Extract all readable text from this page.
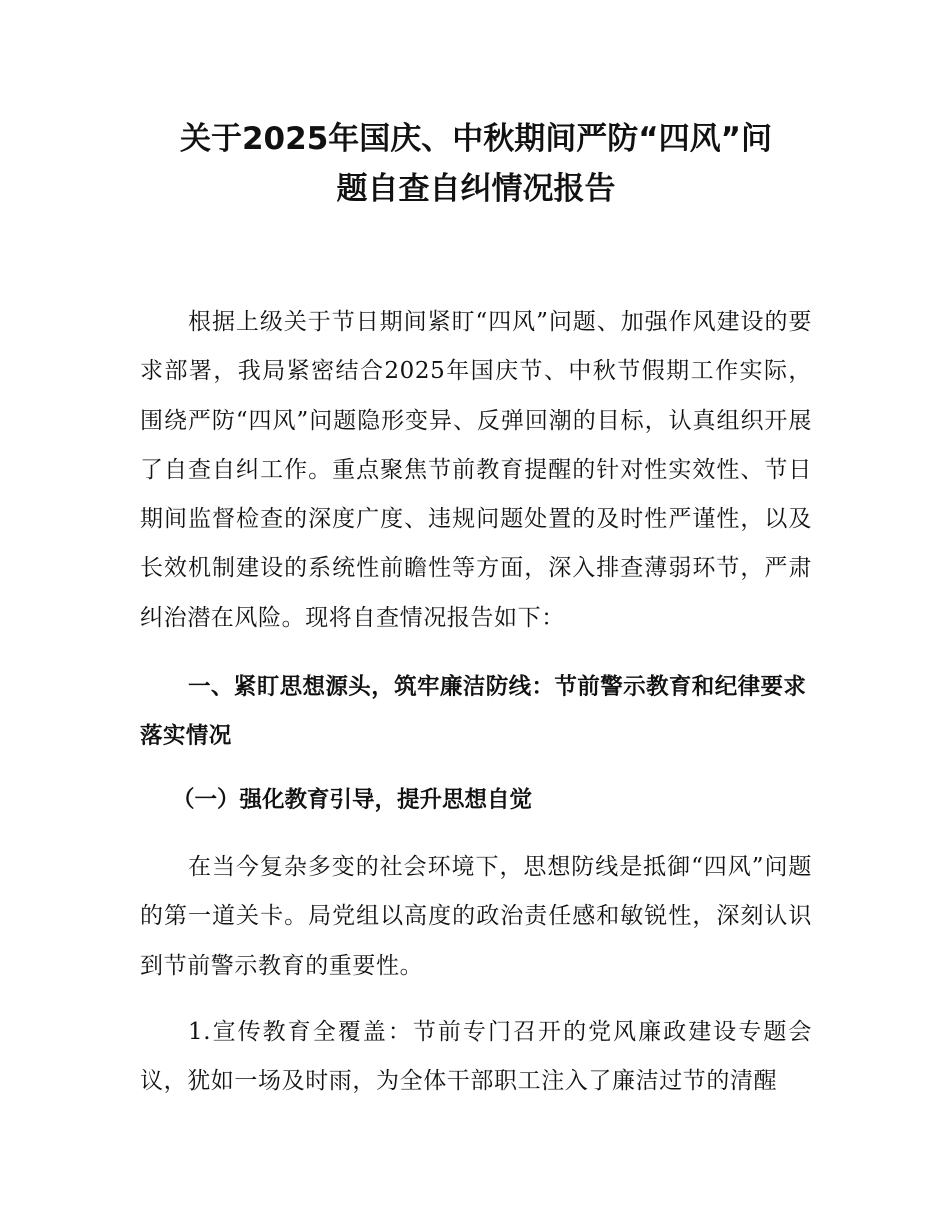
关于2025年国庆、中秋期间严防“四风”问
题自查自纠情况报告

根据上级关于节日期间紧盯“四风”问题、加强作风建设的要求部署，我局紧密结合2025年国庆节、中秋节假期工作实际，围绕严防“四风”问题隐形变异、反弹回潮的目标，认真组织开展了自查自纠工作。重点聚焦节前教育提醒的针对性实效性、节日期间监督检查的深度广度、违规问题处置的及时性严谨性，以及长效机制建设的系统性前瞻性等方面，深入排查薄弱环节，严肃纠治潜在风险。现将自查情况报告如下：

一、紧盯思想源头，筑牢廉洁防线：节前警示教育和纪律要求落实情况

（一）强化教育引导，提升思想自觉

在当今复杂多变的社会环境下，思想防线是抵御“四风”问题的第一道关卡。局党组以高度的政治责任感和敏锐性，深刻认识到节前警示教育的重要性。

1.宣传教育全覆盖：节前专门召开的党风廉政建设专题会议，犹如一场及时雨，为全体干部职工注入了廉洁过节的清醒
